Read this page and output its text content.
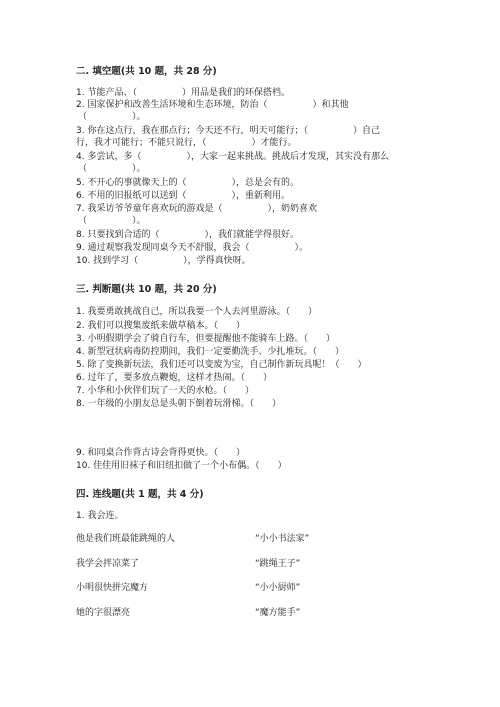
二. 填空题(共 10 题，共 28 分)

1. 节能产品、（　　　　　）用品是我们的环保搭档。

2. 国家保护和改善生活环境和生态环境，防治（　　　　　）和其他

（　　　　　）。

3. 你在这点行，我在那点行；今天还不行，明天可能行；（　　　　　）自己

行，我才可能行；不能只说行，（　　　　　）才能行。

4. 多尝试，多（　　　　　），大家一起来挑战。挑战后才发现，其实没有那么

（　　　　　）。

5. 不开心的事就像天上的（　　　　　），总是会有的。

6. 不用的旧报纸可以送到（　　　　　），重新利用。

7. 我采访爷爷童年喜欢玩的游戏是（　　　　　），奶奶喜欢

（　　　　　）。

8. 只要找到合适的（　　　　　），我们就能学得很好。

9. 通过观察我发现同桌今天不舒服，我会（　　　　　）。

10. 找到学习（　　　　　），学得真快呀。

三. 判断题(共 10 题，共 20 分)

1. 我要勇敢挑战自己，所以我要一个人去河里游泳。（　　）

2. 我们可以搜集废纸来做草稿本。（　　）

3. 小明假期学会了骑自行车，但要提醒他不能骑车上路。（　　）

4. 新型冠状病毒防控期间，我们一定要勤洗手、少扎堆玩。（　　）

5. 除了变换新玩法，我们还可以变废为宝，自己制作新玩具呢！（　　）

6. 过年了，要多放点鞭炮，这样才热闹。（　　）

7. 小华和小伙伴们玩了一天的水枪。（　　）

8. 一年级的小朋友总是头朝下倒着玩滑梯。（　　）

9. 和同桌合作背古诗会背得更快。（　　）

10. 佳佳用旧袜子和旧纽扣做了一个小布偶。（　　）

四. 连线题(共 1 题，共 4 分)

1. 我会连。

他是我们班最能跳绳的人	“小小书法家”
我学会拌凉菜了	“跳绳王子”
小明很快拼完魔方	“小小厨师”
她的字很漂亮	“魔方能手”
